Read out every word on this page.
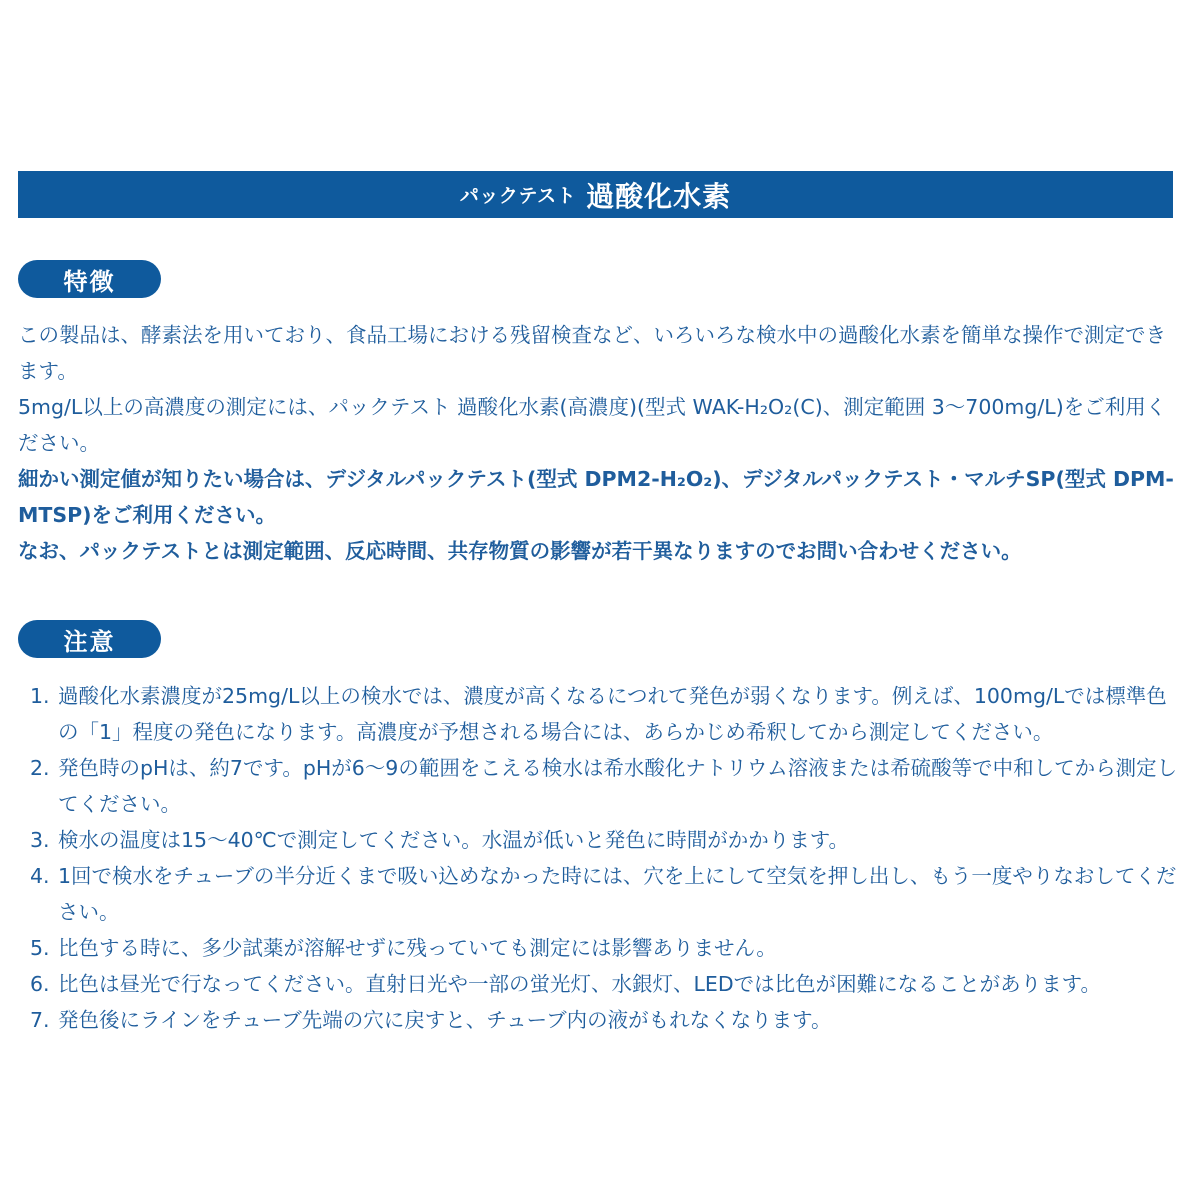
パックテスト 過酸化水素
特徴

この製品は、酵素法を用いており、食品工場における残留検査など、いろいろな検水中の過酸化水素を簡単な操作で測定できます。

5mg/L以上の高濃度の測定には、パックテスト 過酸化水素(高濃度)(型式 WAK-H₂O₂(C)、測定範囲 3～700mg/L)をご利用ください。

細かい測定値が知りたい場合は、デジタルパックテスト(型式 DPM2-H₂O₂)、デジタルパックテスト・マルチSP(型式 DPM-MTSP)をご利用ください。

なお、パックテストとは測定範囲、反応時間、共存物質の影響が若干異なりますのでお問い合わせください。

注意
1. 過酸化水素濃度が25mg/L以上の検水では、濃度が高くなるにつれて発色が弱くなります。例えば、100mg/Lでは標準色の「1」程度の発色になります。高濃度が予想される場合には、あらかじめ希釈してから測定してください。
2. 発色時のpHは、約7です。pHが6～9の範囲をこえる検水は希水酸化ナトリウム溶液または希硫酸等で中和してから測定してください。
3. 検水の温度は15～40℃で測定してください。水温が低いと発色に時間がかかります。
4. 1回で検水をチューブの半分近くまで吸い込めなかった時には、穴を上にして空気を押し出し、もう一度やりなおしてください。
5. 比色する時に、多少試薬が溶解せずに残っていても測定には影響ありません。
6. 比色は昼光で行なってください。直射日光や一部の蛍光灯、水銀灯、LEDでは比色が困難になることがあります。
7. 発色後にラインをチューブ先端の穴に戻すと、チューブ内の液がもれなくなります。
